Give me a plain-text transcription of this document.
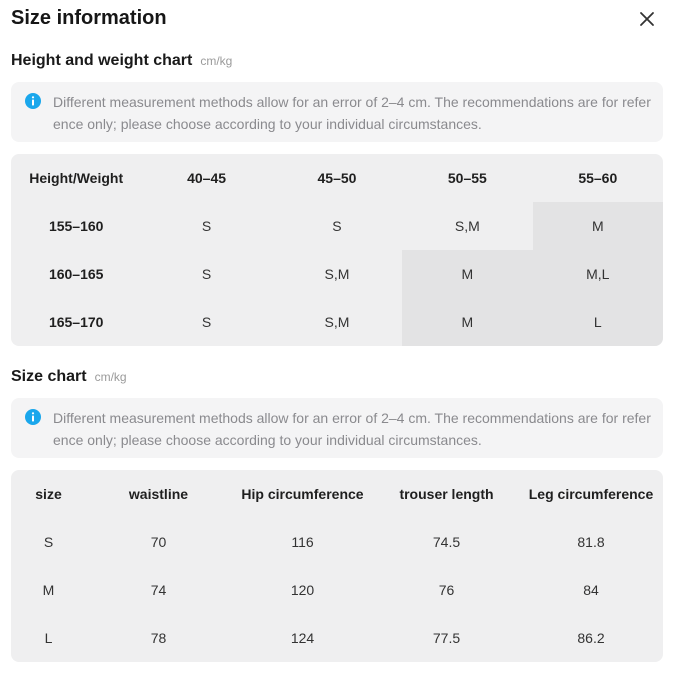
Size information
Height and weight chart cm/kg
Different measurement methods allow for an error of 2–4 cm. The recommendations are for reference only; please choose according to your individual circumstances.
Height/Weight	40–45	45–50	50–55	55–60
155–160	S	S	S,M	M
160–165	S	S,M	M	M,L
165–170	S	S,M	M	L
Size chart cm/kg
Different measurement methods allow for an error of 2–4 cm. The recommendations are for reference only; please choose according to your individual circumstances.
size	waistline	Hip circumference	trouser length	Leg circumference
S	70	116	74.5	81.8
M	74	120	76	84
L	78	124	77.5	86.2
